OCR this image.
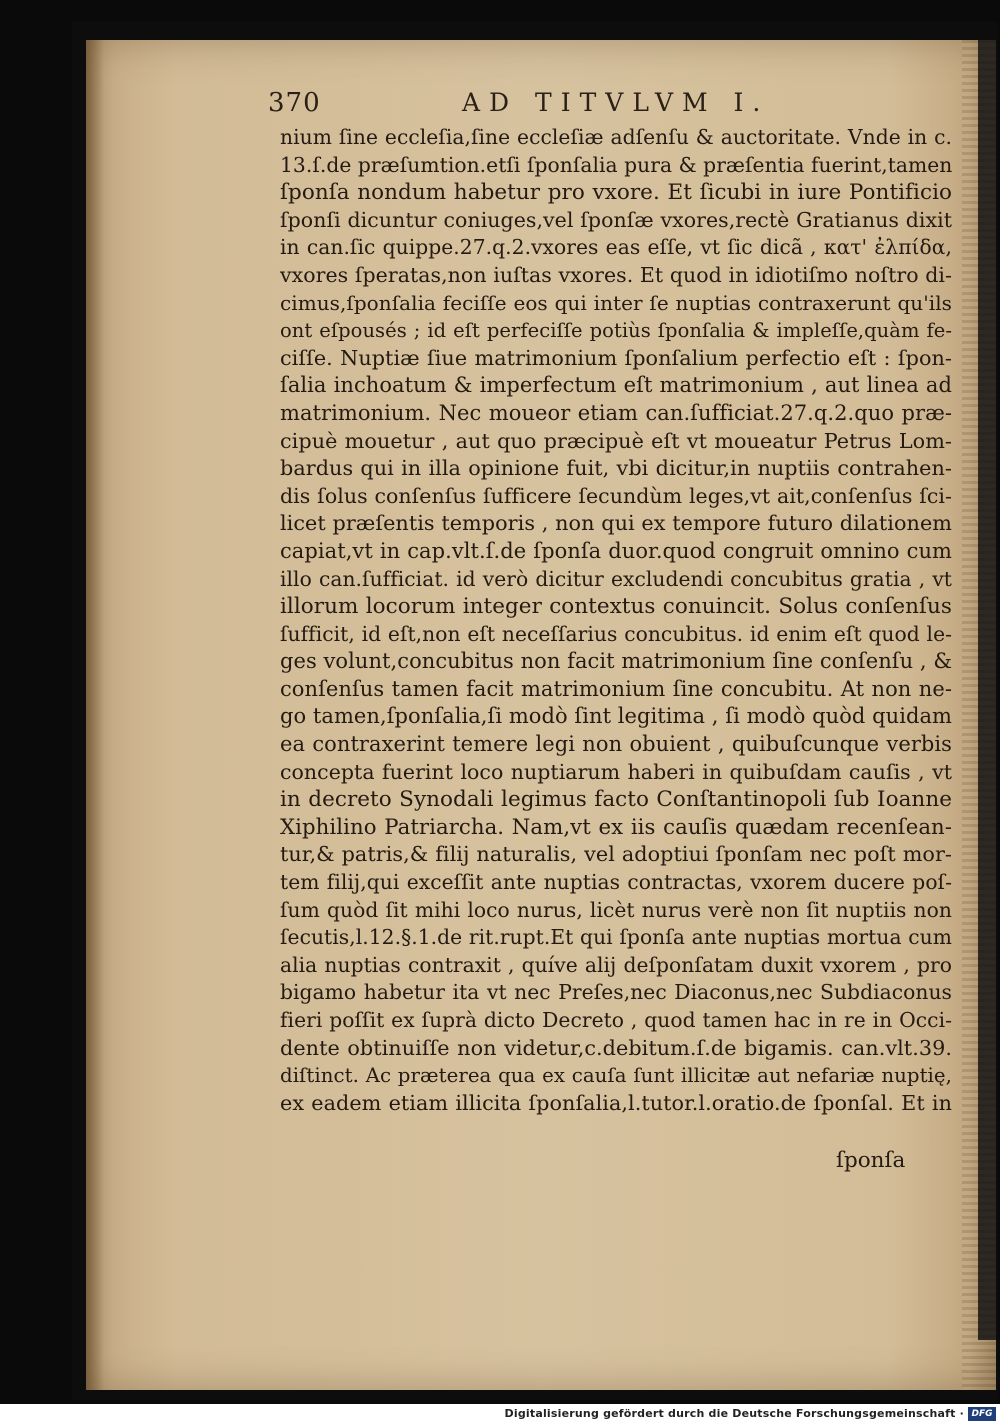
370	AD TITVLVM I.
nium ſine eccleſia,ſine eccleſiæ adſenſu & auctoritate. Vnde in c.
13.ſ.de præſumtion.etſi ſponſalia pura & præſentia fuerint,tamen
ſponſa nondum habetur pro vxore. Et ſicubi in iure Pontificio
ſponſi dicuntur coniuges,vel ſponſæ vxores,rectè Gratianus dixit
in can.ſic quippe.27.q.2.vxores eas eſſe, vt ſic dicã , κατ' ἐλπίδα,
vxores ſperatas,non iuſtas vxores. Et quod in idiotiſmo noſtro di-
cimus,ſponſalia feciſſe eos qui inter ſe nuptias contraxerunt qu'ils
ont eſpousés ; id eſt perfeciſſe potiùs ſponſalia & impleſſe,quàm fe-
ciſſe. Nuptiæ ſiue matrimonium ſponſalium perfectio eſt : ſpon-
ſalia inchoatum & imperfectum eſt matrimonium , aut linea ad
matrimonium. Nec moueor etiam can.ſufficiat.27.q.2.quo præ-
cipuè mouetur , aut quo præcipuè eſt vt moueatur Petrus Lom-
bardus qui in illa opinione fuit, vbi dicitur,in nuptiis contrahen-
dis ſolus conſenſus ſufficere ſecundùm leges,vt ait,conſenſus ſci-
licet præſentis temporis , non qui ex tempore futuro dilationem
capiat,vt in cap.vlt.ſ.de ſponſa duor.quod congruit omnino cum
illo can.ſufficiat. id verò dicitur excludendi concubitus gratia , vt
illorum locorum integer contextus conuincit. Solus conſenſus
ſufficit, id eſt,non eſt neceſſarius concubitus. id enim eſt quod le-
ges volunt,concubitus non facit matrimonium ſine conſenſu , &
conſenſus tamen facit matrimonium ſine concubitu. At non ne-
go tamen,ſponſalia,ſi modò ſint legitima , ſi modò quòd quidam
ea contraxerint temere legi non obuient , quibuſcunque verbis
concepta fuerint loco nuptiarum haberi in quibuſdam cauſis , vt
in decreto Synodali legimus facto Conſtantinopoli ſub Ioanne
Xiphilino Patriarcha. Nam,vt ex iis cauſis quædam recenſean-
tur,& patris,& filij naturalis, vel adoptiui ſponſam nec poſt mor-
tem filij,qui exceſſit ante nuptias contractas, vxorem ducere poſ-
ſum quòd ſit mihi loco nurus, licèt nurus verè non ſit nuptiis non
ſecutis,l.12.§.1.de rit.rupt.Et qui ſponſa ante nuptias mortua cum
alia nuptias contraxit , quíve alij deſponſatam duxit vxorem , pro
bigamo habetur ita vt nec Preſes,nec Diaconus,nec Subdiaconus
fieri poſſit ex ſuprà dicto Decreto , quod tamen hac in re in Occi-
dente obtinuiſſe non videtur,c.debitum.ſ.de bigamis. can.vlt.39.
diſtinct. Ac præterea qua ex cauſa ſunt illicitæ aut nefariæ nuptię,
ex eadem etiam illicita ſponſalia,l.tutor.l.oratio.de ſponſal. Et in
ſponſa
Digitalisierung gefördert durch die Deutsche Forschungsgemeinschaft · DFG
